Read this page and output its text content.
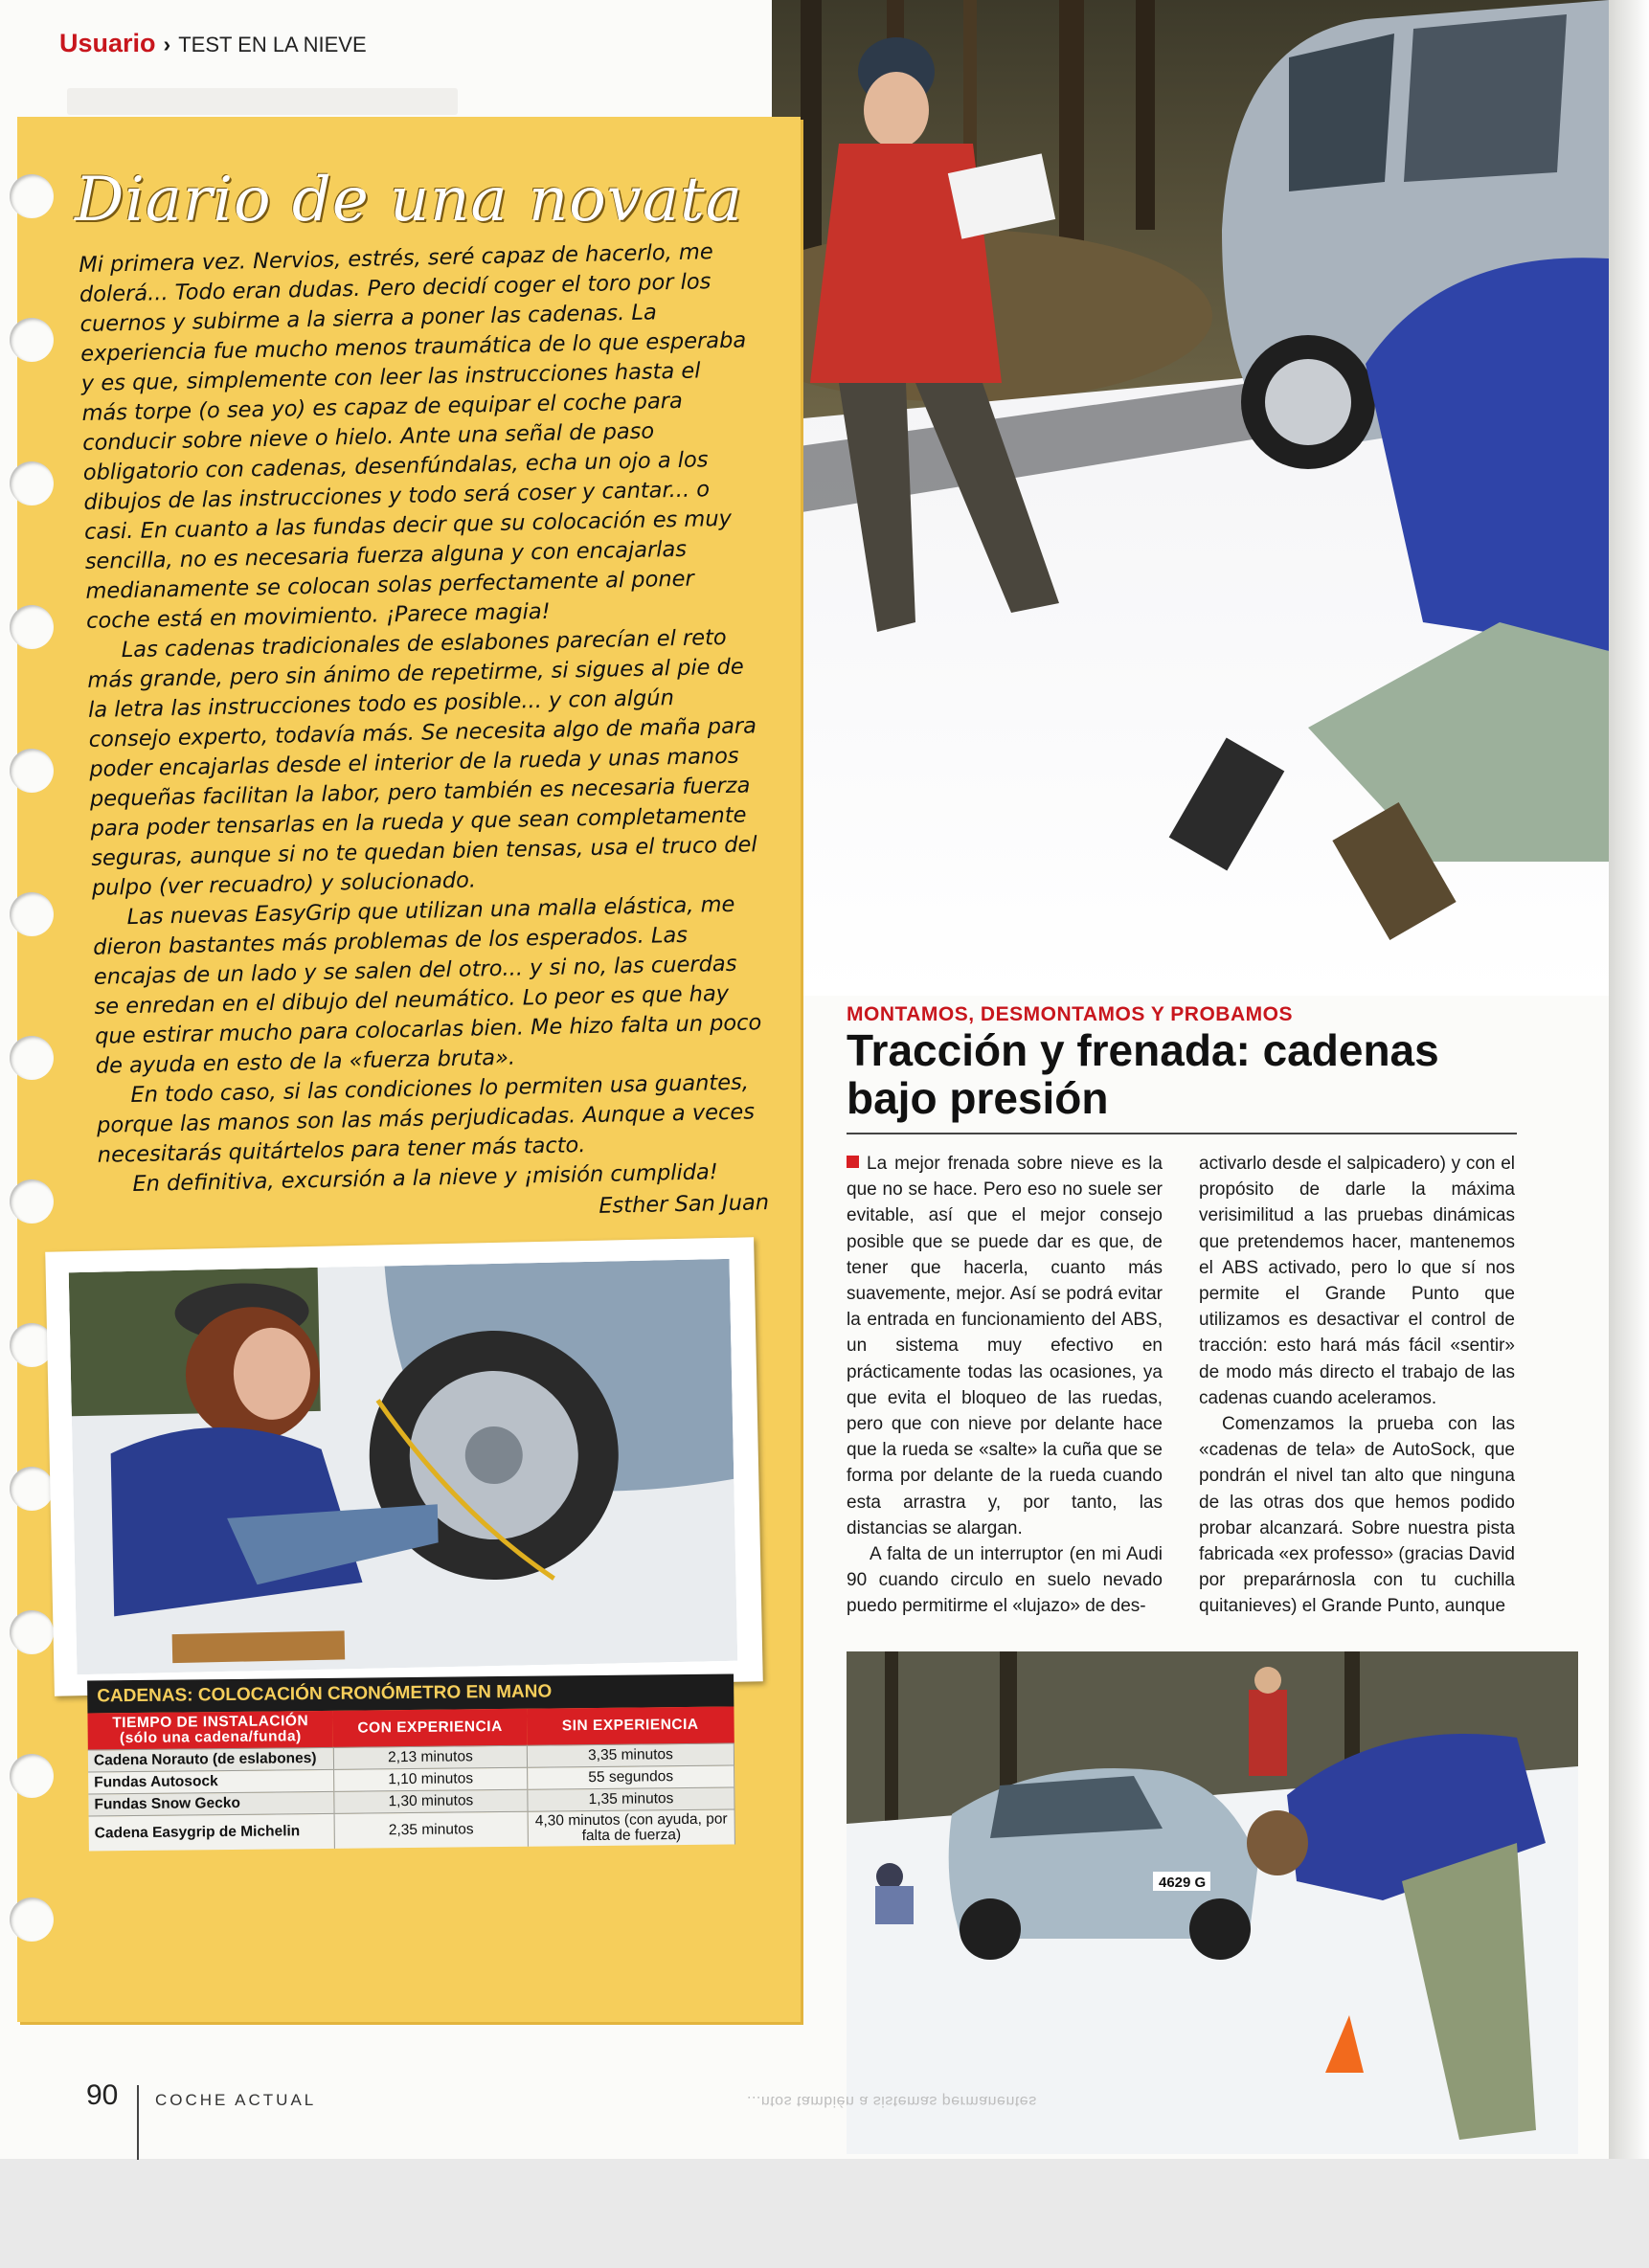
Usuario › TEST EN LA NIEVE
Diario de una novata

Mi primera vez. Nervios, estrés, seré capaz de hacerlo, me dolerá... Todo eran dudas. Pero decidí coger el toro por los cuernos y subirme a la sierra a poner las cadenas. La experiencia fue mucho menos traumática de lo que esperaba y es que, simplemente con leer las instrucciones hasta el más torpe (o sea yo) es capaz de equipar el coche para conducir sobre nieve o hielo. Ante una señal de paso obligatorio con cadenas, desenfúndalas, echa un ojo a los dibujos de las instrucciones y todo será coser y cantar... o casi. En cuanto a las fundas decir que su colocación es muy sencilla, no es necesaria fuerza alguna y con encajarlas medianamente se colocan solas perfectamente al poner coche está en movimiento. ¡Parece magia!

Las cadenas tradicionales de eslabones parecían el reto más grande, pero sin ánimo de repetirme, si sigues al pie de la letra las instrucciones todo es posible... y con algún consejo experto, todavía más. Se necesita algo de maña para poder encajarlas desde el interior de la rueda y unas manos pequeñas facilitan la labor, pero también es necesaria fuerza para poder tensarlas en la rueda y que sean completamente seguras, aunque si no te quedan bien tensas, usa el truco del pulpo (ver recuadro) y solucionado.

Las nuevas EasyGrip que utilizan una malla elástica, me dieron bastantes más problemas de los esperados. Las encajas de un lado y se salen del otro... y si no, las cuerdas se enredan en el dibujo del neumático. Lo peor es que hay que estirar mucho para colocarlas bien. Me hizo falta un poco de ayuda en esto de la «fuerza bruta».

En todo caso, si las condiciones lo permiten usa guantes, porque las manos son las más perjudicadas. Aunque a veces necesitarás quitártelos para tener más tacto.

En definitiva, excursión a la nieve y ¡misión cumplida!

Esther San Juan
CADENAS: COLOCACIÓN CRONÓMETRO EN MANO
TIEMPO DE INSTALACIÓN (sólo una cadena/funda)	CON EXPERIENCIA	SIN EXPERIENCIA
Cadena Norauto (de eslabones)	2,13 minutos	3,35 minutos
Fundas Autosock	1,10 minutos	55 segundos
Fundas Snow Gecko	1,30 minutos	1,35 minutos
Cadena Easygrip de Michelin	2,35 minutos	4,30 minutos (con ayuda, por falta de fuerza)
MONTAMOS, DESMONTAMOS Y PROBAMOS
Tracción y frenada: cadenas bajo presión

La mejor frenada sobre nieve es la que no se hace. Pero eso no suele ser evitable, así que el mejor consejo posible que se puede dar es que, de tener que hacerla, cuanto más suavemente, mejor. Así se podrá evitar la entrada en funcionamiento del ABS, un sistema muy efectivo en prácticamente todas las ocasiones, ya que evita el bloqueo de las ruedas, pero que con nieve por delante hace que la rueda se «salte» la cuña que se forma por delante de la rueda cuando esta arrastra y, por tanto, las distancias se alargan.

A falta de un interruptor (en mi Audi 90 cuando circulo en suelo nevado puedo permitirme el «lujazo» de des-

activarlo desde el salpicadero) y con el propósito de darle la máxima verisimilitud a las pruebas dinámicas que pretendemos hacer, mantenemos el ABS activado, pero lo que sí nos permite el Grande Punto que utilizamos es desactivar el control de tracción: esto hará más fácil «sentir» de modo más directo el trabajo de las cadenas cuando aceleramos.

Comenzamos la prueba con las «cadenas de tela» de AutoSock, que pondrán el nivel tan alto que ninguna de las otras dos que hemos podido probar alcanzará. Sobre nuestra pista fabricada «ex professo» (gracias David por preparárnosla con tu cuchilla quitanieves) el Grande Punto, aunque

4629 G
90 COCHE ACTUAL	...ntos también a sistemas permanentes
